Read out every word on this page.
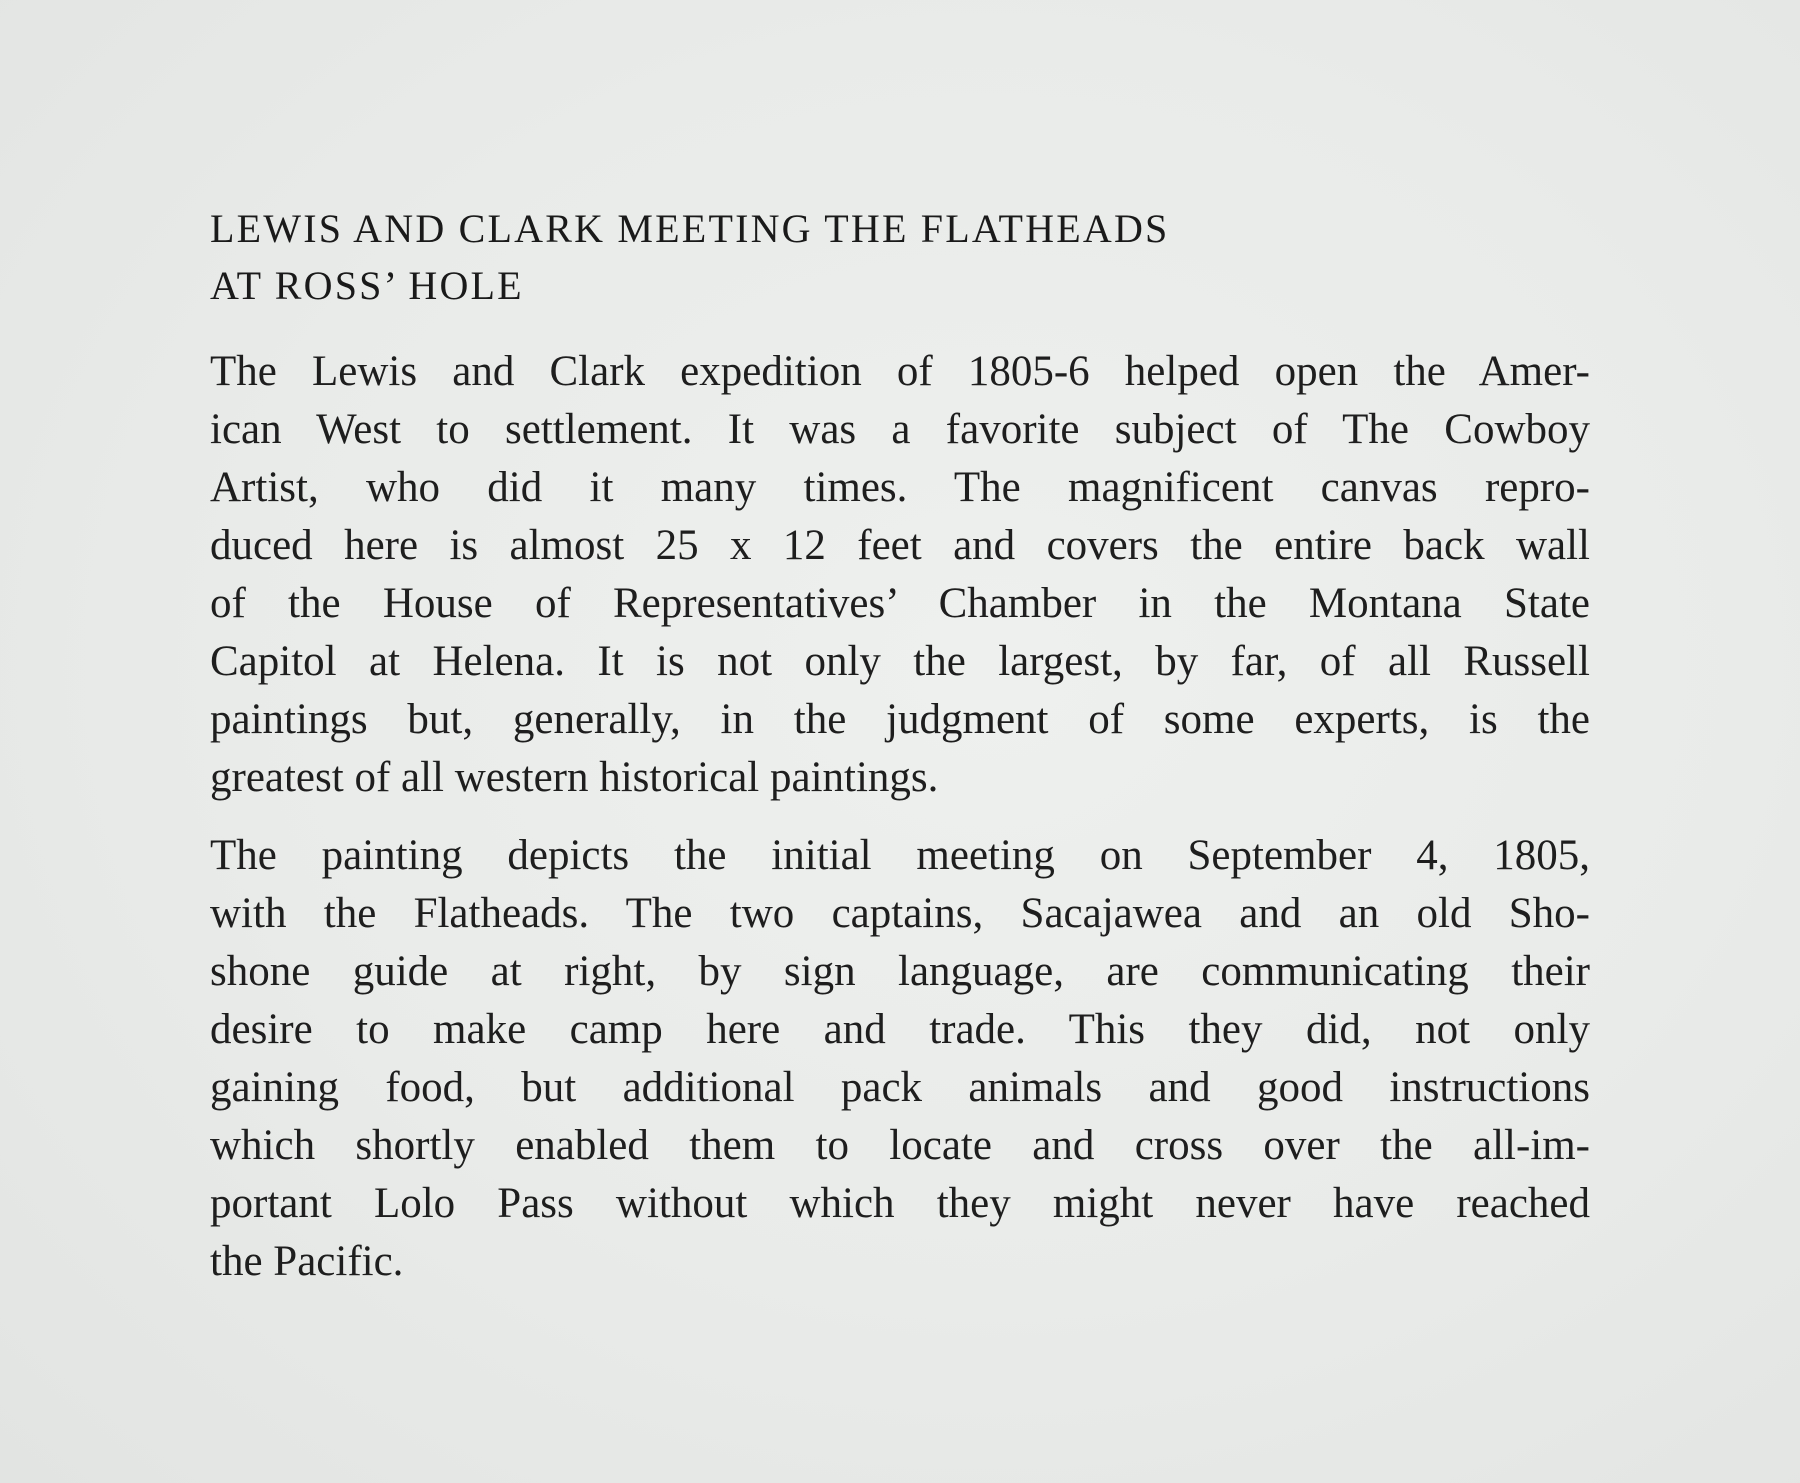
LEWIS AND CLARK MEETING THE FLATHEADS
AT ROSS’ HOLE
The Lewis and Clark expedition of 1805-6 helped open the Amer-
ican West to settlement. It was a favorite subject of The Cowboy
Artist, who did it many times. The magnificent canvas repro-
duced here is almost 25 x 12 feet and covers the entire back wall
of the House of Representatives’ Chamber in the Montana State
Capitol at Helena. It is not only the largest, by far, of all Russell
paintings but, generally, in the judgment of some experts, is the
greatest of all western historical paintings.
The painting depicts the initial meeting on September 4, 1805,
with the Flatheads. The two captains, Sacajawea and an old Sho-
shone guide at right, by sign language, are communicating their
desire to make camp here and trade. This they did, not only
gaining food, but additional pack animals and good instructions
which shortly enabled them to locate and cross over the all-im-
portant Lolo Pass without which they might never have reached
the Pacific.
